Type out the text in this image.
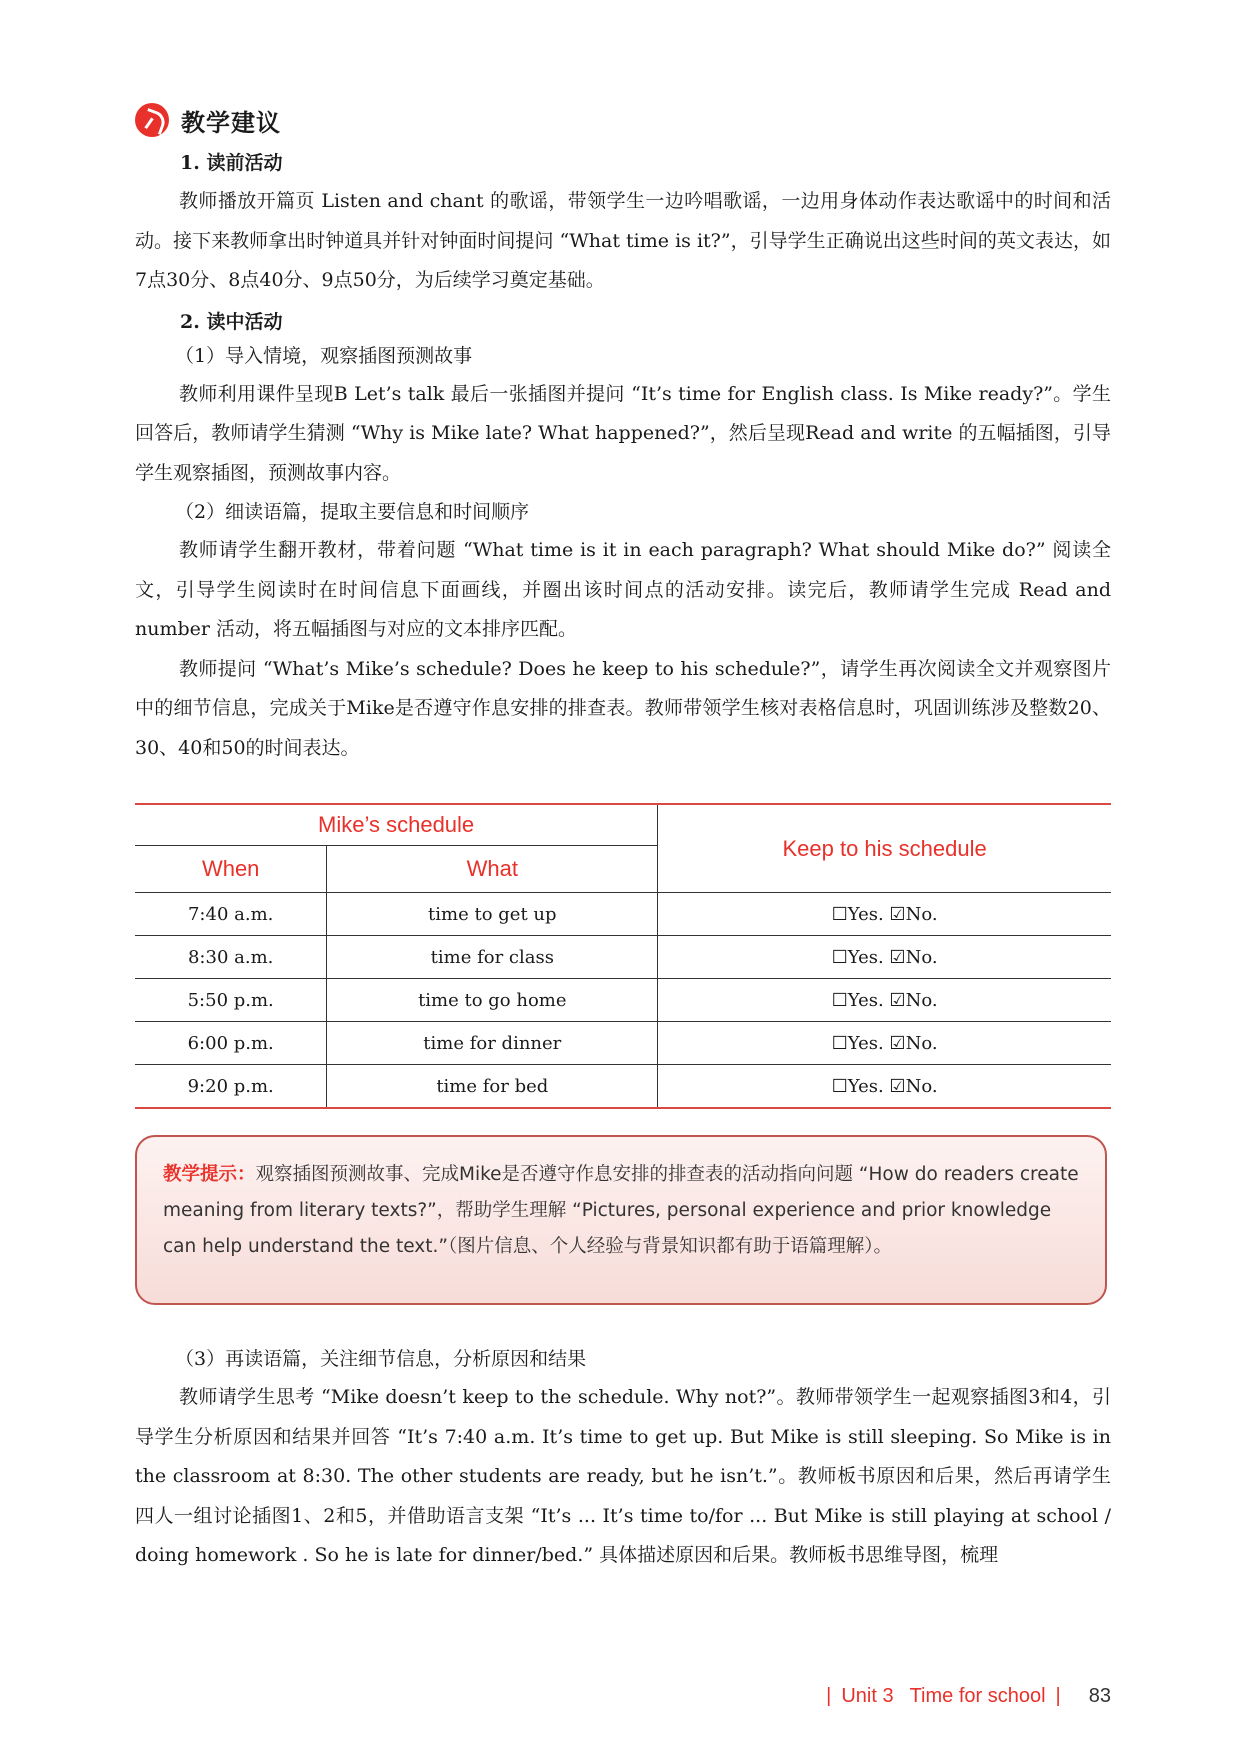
教学建议
1. 读前活动

教师播放开篇页 Listen and chant 的歌谣，带领学生一边吟唱歌谣，一边用身体动作表达歌谣中的时间和活动。接下来教师拿出时钟道具并针对钟面时间提问 “What time is it?”，引导学生正确说出这些时间的英文表达，如7点30分、8点40分、9点50分，为后续学习奠定基础。

2. 读中活动
（1）导入情境，观察插图预测故事

教师利用课件呈现B Let’s talk 最后一张插图并提问 “It’s time for English class. Is Mike ready?”。学生回答后，教师请学生猜测 “Why is Mike late? What happened?”，然后呈现Read and write 的五幅插图，引导学生观察插图，预测故事内容。

（2）细读语篇，提取主要信息和时间顺序

教师请学生翻开教材，带着问题 “What time is it in each paragraph? What should Mike do?” 阅读全文，引导学生阅读时在时间信息下面画线，并圈出该时间点的活动安排。读完后，教师请学生完成 Read and number 活动，将五幅插图与对应的文本排序匹配。

教师提问 “What’s Mike’s schedule? Does he keep to his schedule?”，请学生再次阅读全文并观察图片中的细节信息，完成关于Mike是否遵守作息安排的排查表。教师带领学生核对表格信息时，巩固训练涉及整数20、30、40和50的时间表达。

Mike’s schedule		Keep to his schedule
When	What	
7:40 a.m.	time to get up	☐Yes. ☑No.
8:30 a.m.	time for class	☐Yes. ☑No.
5:50 p.m.	time to go home	☐Yes. ☑No.
6:00 p.m.	time for dinner	☐Yes. ☑No.
9:20 p.m.	time for bed	☐Yes. ☑No.

教学提示：观察插图预测故事、完成Mike是否遵守作息安排的排查表的活动指向问题 “How do readers create meaning from literary texts?”，帮助学生理解 “Pictures, personal experience and prior knowledge can help understand the text.”（图片信息、个人经验与背景知识都有助于语篇理解）。
（3）再读语篇，关注细节信息，分析原因和结果

教师请学生思考 “Mike doesn’t keep to the schedule. Why not?”。教师带领学生一起观察插图3和4，引导学生分析原因和结果并回答 “It’s 7:40 a.m. It’s time to get up. But Mike is still sleeping. So Mike is in the classroom at 8:30. The other students are ready, but he isn’t.”。教师板书原因和后果，然后再请学生四人一组讨论插图1、2和5，并借助语言支架 “It’s ... It’s time to/for ... But Mike is still playing at school / doing homework . So he is late for dinner/bed.” 具体描述原因和后果。教师板书思维导图，梳理

| Unit 3 Time for school | 83
